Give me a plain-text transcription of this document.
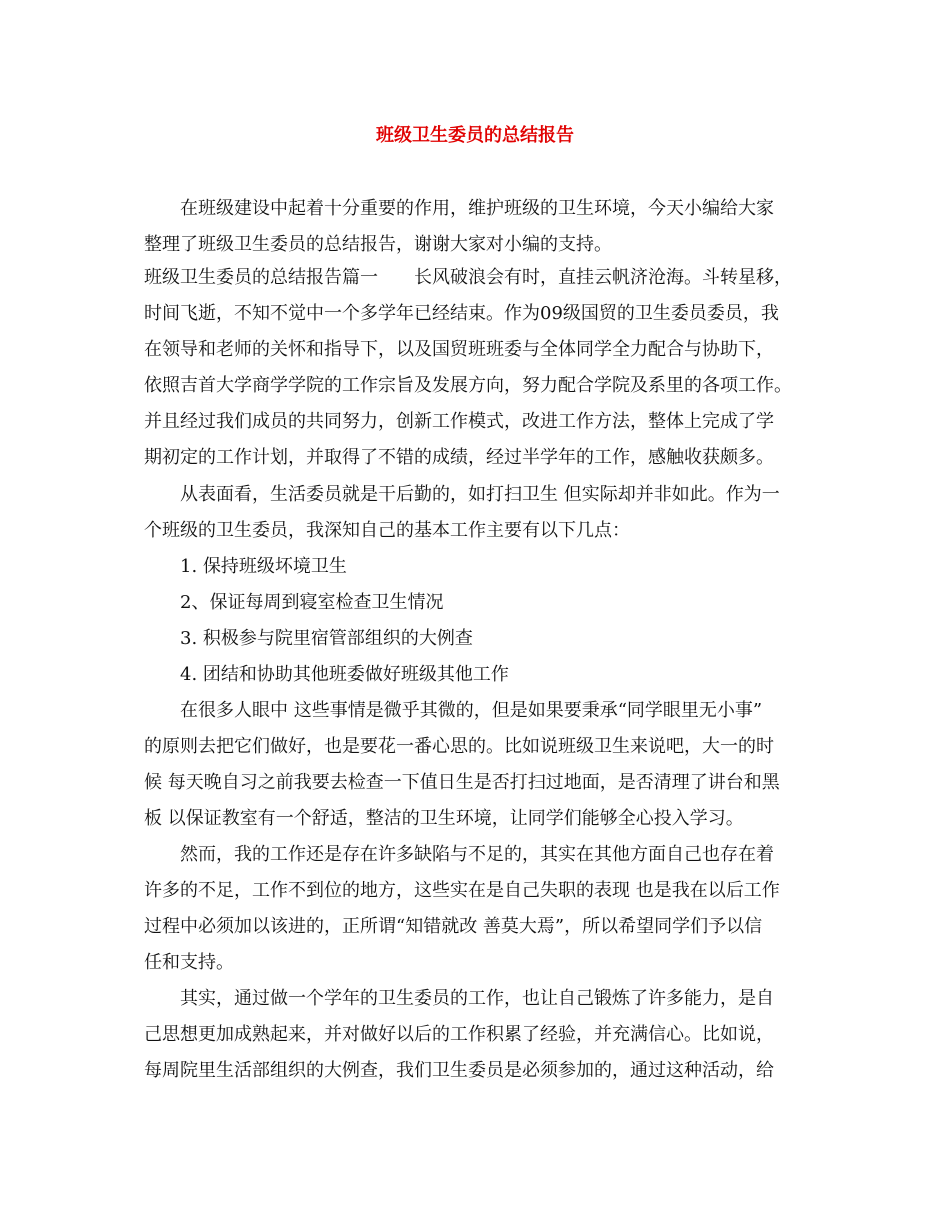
班级卫生委员的总结报告

在班级建设中起着十分重要的作用，维护班级的卫生环境，今天小编给大家

整理了班级卫生委员的总结报告，谢谢大家对小编的支持。

班级卫生委员的总结报告篇一　　长风破浪会有时，直挂云帆济沧海。斗转星移，

时间飞逝，不知不觉中一个多学年已经结束。作为09级国贸的卫生委员委员，我

在领导和老师的关怀和指导下，以及国贸班班委与全体同学全力配合与协助下，

依照吉首大学商学学院的工作宗旨及发展方向，努力配合学院及系里的各项工作。

并且经过我们成员的共同努力，创新工作模式，改进工作方法，整体上完成了学

期初定的工作计划，并取得了不错的成绩，经过半学年的工作，感触收获颇多。

从表面看，生活委员就是干后勤的，如打扫卫生 但实际却并非如此。作为一

个班级的卫生委员，我深知自己的基本工作主要有以下几点：

1. 保持班级坏境卫生

2、保证每周到寝室检查卫生情况

3. 积极参与院里宿管部组织的大例查

4. 团结和协助其他班委做好班级其他工作

在很多人眼中 这些事情是微乎其微的，但是如果要秉承“同学眼里无小事”

的原则去把它们做好，也是要花一番心思的。比如说班级卫生来说吧，大一的时

候 每天晚自习之前我要去检查一下值日生是否打扫过地面，是否清理了讲台和黑

板 以保证教室有一个舒适，整洁的卫生环境，让同学们能够全心投入学习。

然而，我的工作还是存在许多缺陷与不足的，其实在其他方面自己也存在着

许多的不足，工作不到位的地方，这些实在是自己失职的表现 也是我在以后工作

过程中必须加以该进的，正所谓“知错就改 善莫大焉”，所以希望同学们予以信

任和支持。

其实，通过做一个学年的卫生委员的工作，也让自己锻炼了许多能力，是自

己思想更加成熟起来，并对做好以后的工作积累了经验，并充满信心。比如说，

每周院里生活部组织的大例查，我们卫生委员是必须参加的，通过这种活动，给
